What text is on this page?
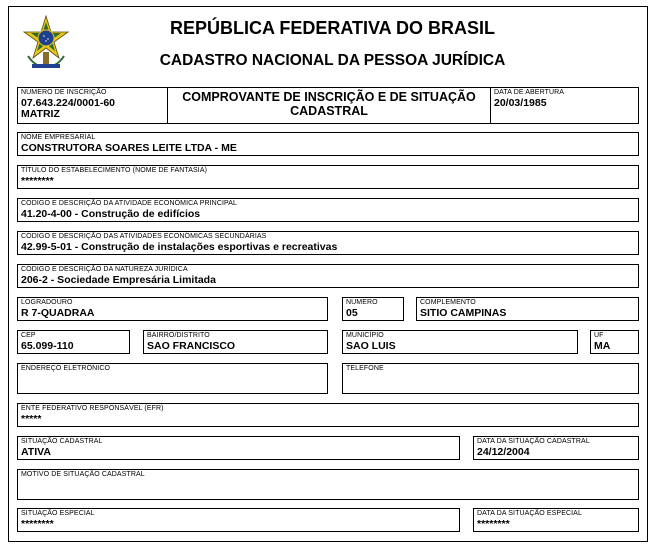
REPÚBLICA FEDERATIVA DO BRASIL
CADASTRO NACIONAL DA PESSOA JURÍDICA
NÚMERO DE INSCRIÇÃO
07.643.224/0001-60
MATRIZ
COMPROVANTE DE INSCRIÇÃO E DE SITUAÇÃO
CADASTRAL
DATA DE ABERTURA
20/03/1985
NOME EMPRESARIAL
CONSTRUTORA SOARES LEITE LTDA - ME
TÍTULO DO ESTABELECIMENTO (NOME DE FANTASIA)
********
CÓDIGO E DESCRIÇÃO DA ATIVIDADE ECONÔMICA PRINCIPAL
41.20-4-00 - Construção de edifícios
CÓDIGO E DESCRIÇÃO DAS ATIVIDADES ECONÔMICAS SECUNDÁRIAS
42.99-5-01 - Construção de instalações esportivas e recreativas
CÓDIGO E DESCRIÇÃO DA NATUREZA JURÍDICA
206-2 - Sociedade Empresária Limitada
LOGRADOURO
R 7-QUADRAA
NÚMERO
05
COMPLEMENTO
SITIO CAMPINAS
CEP
65.099-110
BAIRRO/DISTRITO
SAO FRANCISCO
MUNICÍPIO
SAO LUIS
UF
MA
ENDEREÇO ELETRÔNICO	TELEFONE
ENTE FEDERATIVO RESPONSÁVEL (EFR)
*****
SITUAÇÃO CADASTRAL
ATIVA
DATA DA SITUAÇÃO CADASTRAL
24/12/2004
MOTIVO DE SITUAÇÃO CADASTRAL
SITUAÇÃO ESPECIAL
********
DATA DA SITUAÇÃO ESPECIAL
********
